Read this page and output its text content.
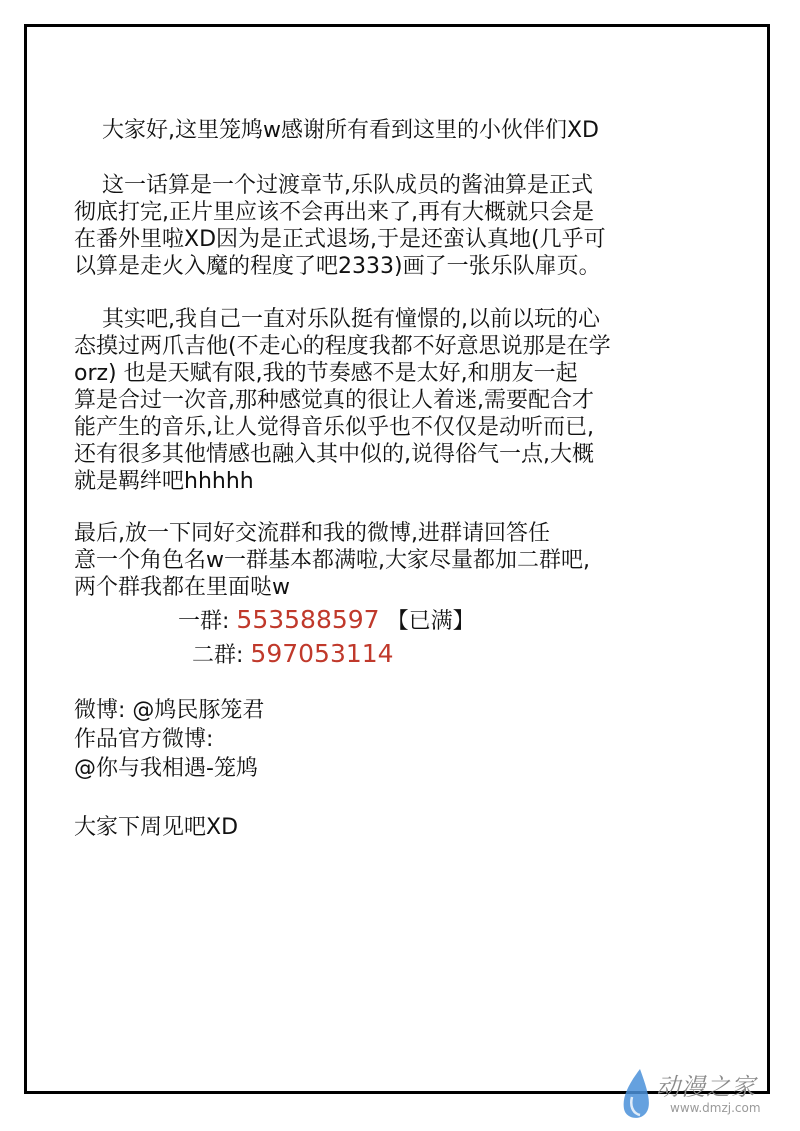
大家好,这里笼鸠w感谢所有看到这里的小伙伴们XD
这一话算是一个过渡章节,乐队成员的酱油算是正式
彻底打完,正片里应该不会再出来了,再有大概就只会是
在番外里啦XD因为是正式退场,于是还蛮认真地(几乎可
以算是走火入魔的程度了吧2333)画了一张乐队扉页。
其实吧,我自己一直对乐队挺有憧憬的,以前以玩的心
态摸过两爪吉他(不走心的程度我都不好意思说那是在学
orz) 也是天赋有限,我的节奏感不是太好,和朋友一起
算是合过一次音,那种感觉真的很让人着迷,需要配合才
能产生的音乐,让人觉得音乐似乎也不仅仅是动听而已,
还有很多其他情感也融入其中似的,说得俗气一点,大概
就是羁绊吧hhhhh
最后,放一下同好交流群和我的微博,进群请回答任
意一个角色名w一群基本都满啦,大家尽量都加二群吧,
两个群我都在里面哒w
一群: 553588597 【已满】
二群: 597053114
微博: @鸠民豚笼君
作品官方微博:
@你与我相遇-笼鸠
大家下周见吧XD
动漫之家
www.dmzj.com
